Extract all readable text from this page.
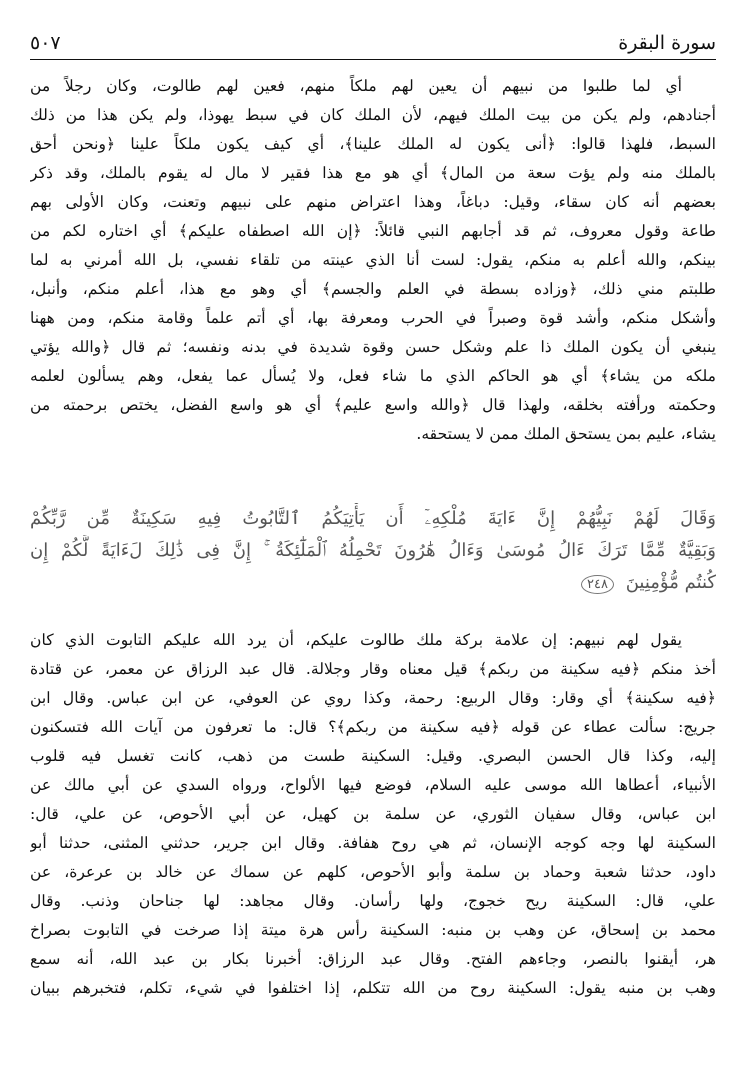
سورة البقرة
٥٠٧
أي لما طلبوا من نبيهم أن يعين لهم ملكاً منهم، فعين لهم طالوت، وكان رجلاً من
أجنادهم، ولم يكن من بيت الملك فيهم، لأن الملك كان في سبط يهوذا، ولم يكن هذا من ذلك
السبط، فلهذا قالوا: ﴿أنى يكون له الملك علينا﴾، أي كيف يكون ملكاً علينا ﴿ونحن أحق
بالملك منه ولم يؤت سعة من المال﴾ أي هو مع هذا فقير لا مال له يقوم بالملك، وقد ذكر
بعضهم أنه كان سقاء، وقيل: دباغاً، وهذا اعتراض منهم على نبيهم وتعنت، وكان الأولى بهم
طاعة وقول معروف، ثم قد أجابهم النبي قائلاً: ﴿إن الله اصطفاه عليكم﴾ أي اختاره لكم من
بينكم، والله أعلم به منكم، يقول: لست أنا الذي عينته من تلقاء نفسي، بل الله أمرني به لما
طلبتم مني ذلك، ﴿وزاده بسطة في العلم والجسم﴾ أي وهو مع هذا، أعلم منكم، وأنبل،
وأشكل منكم، وأشد قوة وصبراً في الحرب ومعرفة بها، أي أتم علماً وقامة منكم، ومن ههنا
ينبغي أن يكون الملك ذا علم وشكل حسن وقوة شديدة في بدنه ونفسه؛ ثم قال ﴿والله يؤتي
ملكه من يشاء﴾ أي هو الحاكم الذي ما شاء فعل، ولا يُسأل عما يفعل، وهم يسألون لعلمه
وحكمته ورأفته بخلقه، ولهذا قال ﴿والله واسع عليم﴾ أي هو واسع الفضل، يختص برحمته من
يشاء، عليم بمن يستحق الملك ممن لا يستحقه.
وَقَالَ لَهُمْ نَبِيُّهُمْ إِنَّ ءَايَةَ مُلْكِهِۦٓ أَن يَأْتِيَكُمُ ٱلتَّابُوتُ فِيهِ سَكِينَةٌ مِّن رَّبِّكُمْ
وَبَقِيَّةٌ مِّمَّا تَرَكَ ءَالُ مُوسَىٰ وَءَالُ هَٰرُونَ تَحْمِلُهُ ٱلْمَلَٰٓئِكَةُ ۚ إِنَّ فِى ذَٰلِكَ لَءَايَةً لَّكُمْ إِن
كُنتُم مُّؤْمِنِينَ ٢٤٨
يقول لهم نبيهم: إن علامة بركة ملك طالوت عليكم، أن يرد الله عليكم التابوت الذي كان
أخذ منكم ﴿فيه سكينة من ربكم﴾ قيل معناه وقار وجلالة. قال عبد الرزاق عن معمر، عن قتادة
﴿فيه سكينة﴾ أي وقار: وقال الربيع: رحمة، وكذا روي عن العوفي، عن ابن عباس. وقال ابن
جريج: سألت عطاء عن قوله ﴿فيه سكينة من ربكم﴾؟ قال: ما تعرفون من آيات الله فتسكنون
إليه، وكذا قال الحسن البصري. وقيل: السكينة طست من ذهب، كانت تغسل فيه قلوب
الأنبياء، أعطاها الله موسى عليه السلام، فوضع فيها الألواح، ورواه السدي عن أبي مالك عن
ابن عباس، وقال سفيان الثوري، عن سلمة بن كهيل، عن أبي الأحوص، عن علي، قال:
السكينة لها وجه كوجه الإنسان، ثم هي روح هفافة. وقال ابن جرير، حدثني المثنى، حدثنا أبو
داود، حدثنا شعبة وحماد بن سلمة وأبو الأحوص، كلهم عن سماك عن خالد بن عرعرة، عن
علي، قال: السكينة ريح خجوج، ولها رأسان. وقال مجاهد: لها جناحان وذنب. وقال
محمد بن إسحاق، عن وهب بن منبه: السكينة رأس هرة ميتة إذا صرخت في التابوت بصراخ
هر، أيقنوا بالنصر، وجاءهم الفتح. وقال عبد الرزاق: أخبرنا بكار بن عبد الله، أنه سمع
وهب بن منبه يقول: السكينة روح من الله تتكلم، إذا اختلفوا في شيء، تكلم، فتخبرهم ببيان
